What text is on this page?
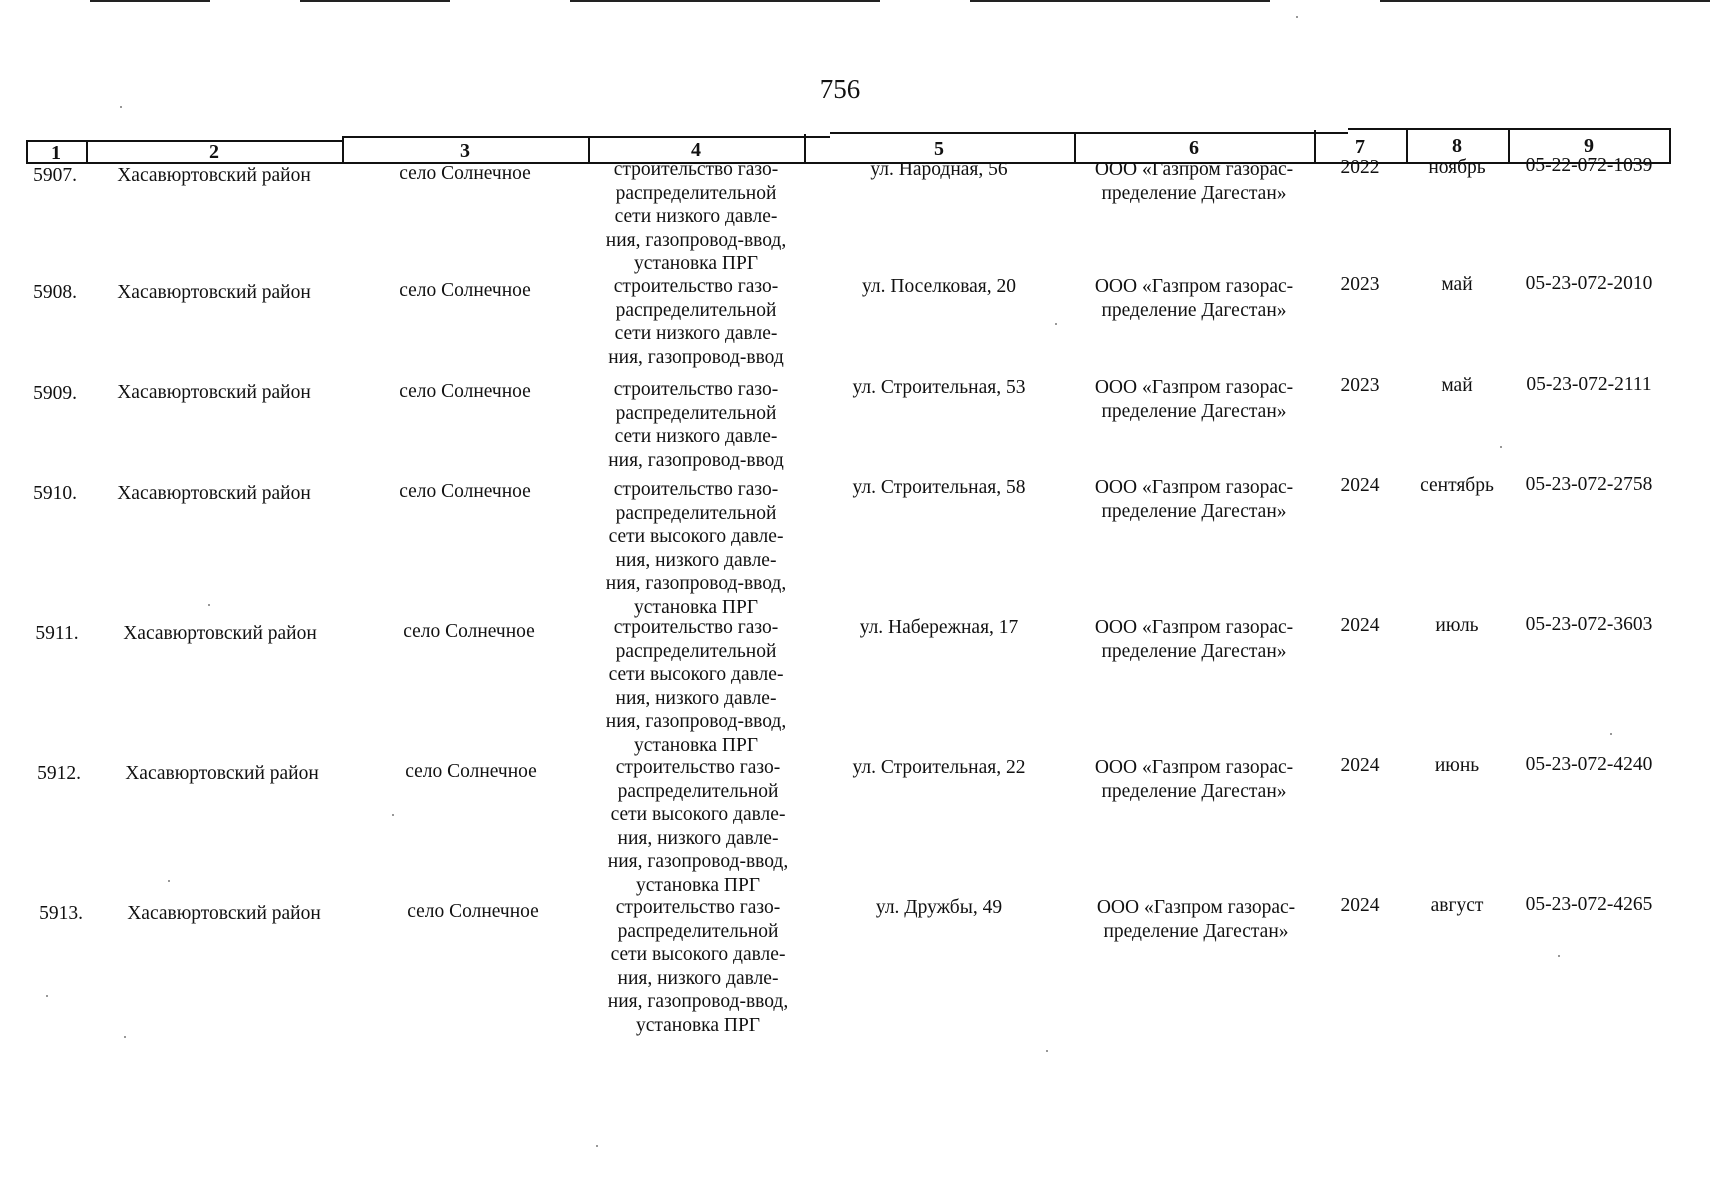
756
1	2	3	4	5	6	7	8	9
5907.	Хасавюртовский район	село Солнечное	строительство газо-
распределительной
сети низкого давле-
ния, газопровод-ввод,
установка ПРГ
ул. Народная, 56	ООО «Газпром газорас-
пределение Дагестан»
2022	ноябрь	05-22-072-1039
5908.	Хасавюртовский район	село Солнечное	строительство газо-
распределительной
сети низкого давле-
ния, газопровод-ввод
ул. Поселковая, 20	ООО «Газпром газорас-
пределение Дагестан»
2023	май	05-23-072-2010
5909.	Хасавюртовский район	село Солнечное	строительство газо-
распределительной
сети низкого давле-
ния, газопровод-ввод
ул. Строительная, 53	ООО «Газпром газорас-
пределение Дагестан»
2023	май	05-23-072-2111
5910.	Хасавюртовский район	село Солнечное	строительство газо-
распределительной
сети высокого давле-
ния, низкого давле-
ния, газопровод-ввод,
установка ПРГ
ул. Строительная, 58	ООО «Газпром газорас-
пределение Дагестан»
2024	сентябрь	05-23-072-2758
5911.	Хасавюртовский район	село Солнечное	строительство газо-
распределительной
сети высокого давле-
ния, низкого давле-
ния, газопровод-ввод,
установка ПРГ
ул. Набережная, 17	ООО «Газпром газорас-
пределение Дагестан»
2024	июль	05-23-072-3603
5912.	Хасавюртовский район	село Солнечное	строительство газо-
распределительной
сети высокого давле-
ния, низкого давле-
ния, газопровод-ввод,
установка ПРГ
ул. Строительная, 22	ООО «Газпром газорас-
пределение Дагестан»
2024	июнь	05-23-072-4240
5913.	Хасавюртовский район	село Солнечное	строительство газо-
распределительной
сети высокого давле-
ния, низкого давле-
ния, газопровод-ввод,
установка ПРГ
ул. Дружбы, 49	ООО «Газпром газорас-
пределение Дагестан»
2024	август	05-23-072-4265
